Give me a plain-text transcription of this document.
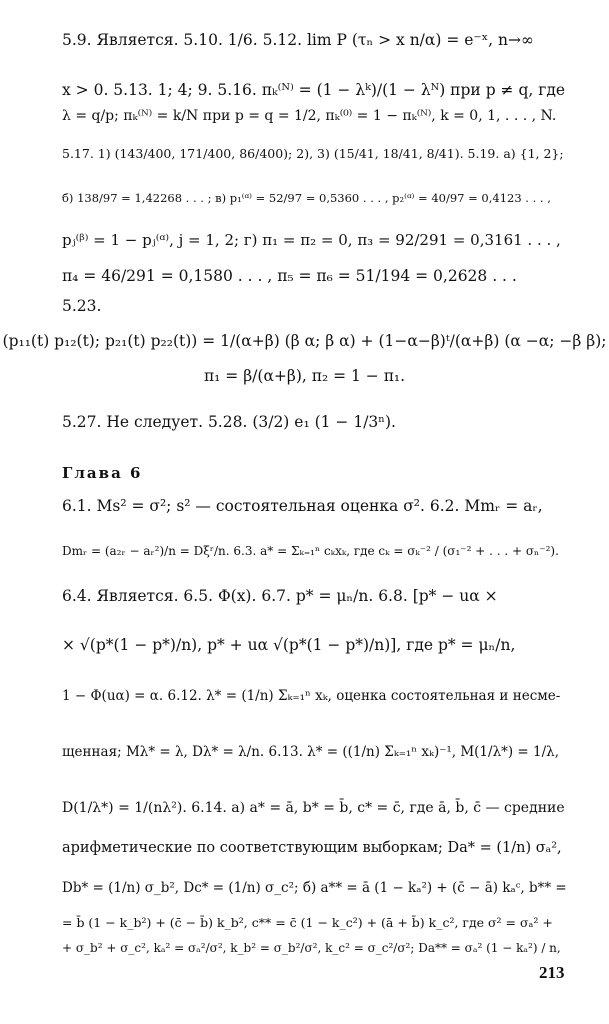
5.9. Является. 5.10. 1/6. 5.12. lim P (τₙ > x n/α) = e⁻ˣ, n→∞
x > 0. 5.13. 1; 4; 9. 5.16. πₖ⁽ᴺ⁾ = (1 − λᵏ)/(1 − λᴺ) при p ≠ q, где
λ = q/p; πₖ⁽ᴺ⁾ = k/N при p = q = 1/2, πₖ⁽⁰⁾ = 1 − πₖ⁽ᴺ⁾, k = 0, 1, . . . , N.
5.17. 1) (143/400, 171/400, 86/400); 2), 3) (15/41, 18/41, 8/41). 5.19. а) {1, 2};
б) 138/97 = 1,42268 . . . ; в) p₁⁽ᵅ⁾ = 52/97 = 0,5360 . . . , p₂⁽ᵅ⁾ = 40/97 = 0,4123 . . . ,
pⱼ⁽ᵝ⁾ = 1 − pⱼ⁽ᵅ⁾, j = 1, 2; г) π₁ = π₂ = 0, π₃ = 92/291 = 0,3161 . . . ,
π₄ = 46/291 = 0,1580 . . . , π₅ = π₆ = 51/194 = 0,2628 . . .
5.23.
(p₁₁(t) p₁₂(t); p₂₁(t) p₂₂(t)) = 1/(α+β) (β α; β α) + (1−α−β)ᵗ/(α+β) (α −α; −β β);
π₁ = β/(α+β), π₂ = 1 − π₁.
5.27. Не следует. 5.28. (3/2) e₁ (1 − 1/3ⁿ).
Глава 6
6.1. Ms² = σ²; s² — состоятельная оценка σ². 6.2. Mmᵣ = aᵣ,
Dmᵣ = (a₂ᵣ − aᵣ²)/n = Dξʳ/n. 6.3. a* = Σₖ₌₁ⁿ cₖxₖ, где cₖ = σₖ⁻² / (σ₁⁻² + . . . + σₙ⁻²).
6.4. Является. 6.5. Φ(x). 6.7. p* = μₙ/n. 6.8. [p* − uα ×
× √(p*(1 − p*)/n), p* + uα √(p*(1 − p*)/n)], где p* = μₙ/n,
1 − Φ(uα) = α. 6.12. λ* = (1/n) Σₖ₌₁ⁿ xₖ, оценка состоятельная и несме-
щенная; Mλ* = λ, Dλ* = λ/n. 6.13. λ* = ((1/n) Σₖ₌₁ⁿ xₖ)⁻¹, M(1/λ*) = 1/λ,
D(1/λ*) = 1/(nλ²). 6.14. а) a* = ā, b* = b̄, c* = c̄, где ā, b̄, c̄ — средние
арифметические по соответствующим выборкам; Da* = (1/n) σₐ²,
Db* = (1/n) σ_b², Dc* = (1/n) σ_c²; б) a** = ā (1 − kₐ²) + (c̄ − ā) kₐᶜ, b** =
= b̄ (1 − k_b²) + (c̄ − b̄) k_b², c** = c̄ (1 − k_c²) + (ā + b̄) k_c², где σ² = σₐ² +
+ σ_b² + σ_c², kₐ² = σₐ²/σ², k_b² = σ_b²/σ², k_c² = σ_c²/σ²; Da** = σₐ² (1 − kₐ²) / n,
213
